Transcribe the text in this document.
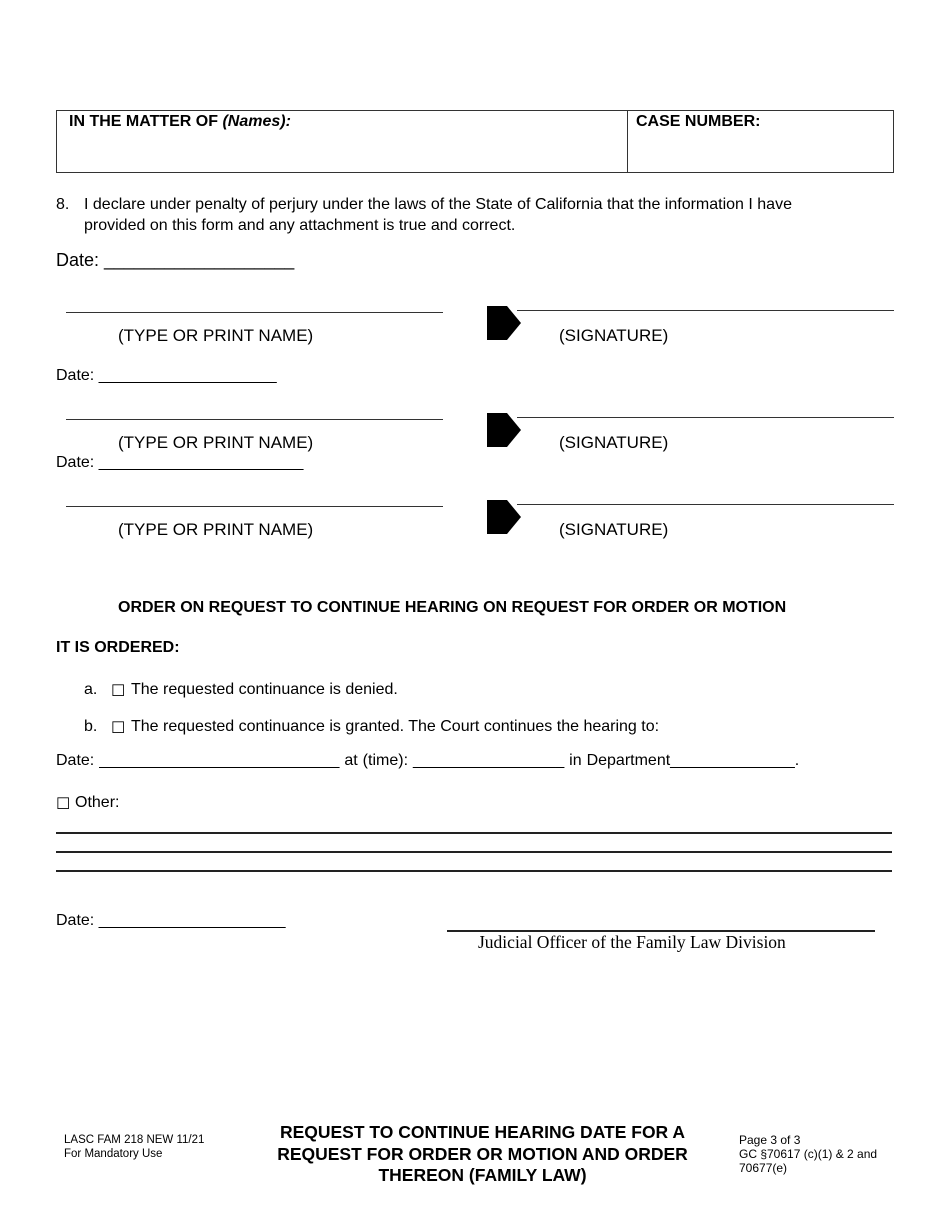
IN THE MATTER OF (Names):	CASE NUMBER:
8. I declare under penalty of perjury under the laws of the State of California that the information I have
provided on this form and any attachment is true and correct.
Date: ___________________
(TYPE OR PRINT NAME)	(SIGNATURE)
Date: ____________________
(TYPE OR PRINT NAME)	(SIGNATURE)
Date: _______________________
(TYPE OR PRINT NAME)	(SIGNATURE)
ORDER ON REQUEST TO CONTINUE HEARING ON REQUEST FOR ORDER OR MOTION
IT IS ORDERED:
a. ☐ The requested continuance is denied.
b. ☐ The requested continuance is granted. The Court continues the hearing to:
Date: ___________________________ at (time): _________________ in Department______________.
☐ Other:
Date: _____________________
Judicial Officer of the Family Law Division
LASC FAM 218 NEW 11/21
For Mandatory Use
REQUEST TO CONTINUE HEARING DATE FOR A
REQUEST FOR ORDER OR MOTION AND ORDER
THEREON (FAMILY LAW)
Page 3 of 3
GC §70617 (c)(1) & 2 and
70677(e)
